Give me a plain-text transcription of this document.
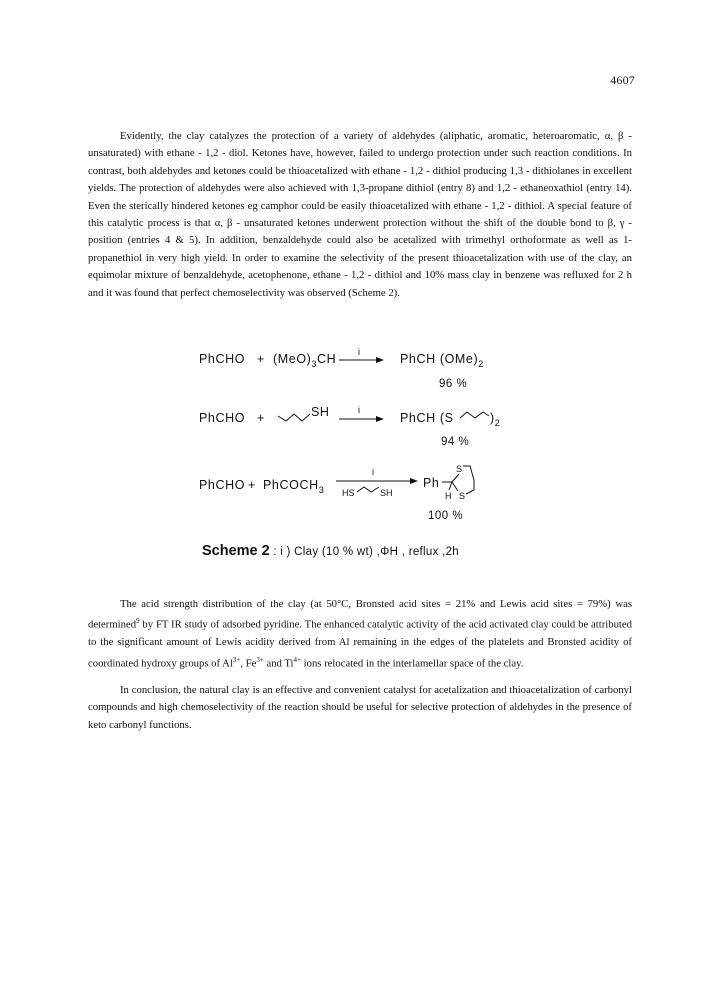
4607
Evidently, the clay catalyzes the protection of a variety of aldehydes (aliphatic, aromatic, heteroaromatic, α, β - unsaturated) with ethane - 1,2 - diol. Ketones have, however, failed to undergo protection under such reaction conditions. In contrast, both aldehydes and ketones could be thioacetalized with ethane - 1,2 - dithiol producing 1,3 - dithiolanes in excellent yields. The protection of aldehydes were also achieved with 1,3-propane dithiol (entry 8) and 1,2 - ethaneoxathiol (entry 14). Even the sterically hindered ketones eg camphor could be easily thioacetalized with ethane - 1,2 - dithiol. A special feature of this catalytic process is that α, β - unsaturated ketones underwent protection without the shift of the double bond to β, γ - position (entries 4 & 5). In addition, benzaldehyde could also be acetalized with trimethyl orthoformate as well as 1-propanethiol in very high yield. In order to examine the selectivity of the present thioacetalization with use of the clay, an equimolar mixture of benzaldehyde, acetophenone, ethane - 1,2 - dithiol and 10% mass clay in benzene was refluxed for 2 h and it was found that perfect chemoselectivity was observed (Scheme 2).
PhCHO + $(MeO)_3CH$ i	PhCH $(OMe)_2$
96 %
PhCHO +	SH	i
PhCH (S	)$_2$
94 %
PhCHO + PhCOCH$_3$
i
HS	SH
Ph
S
H S
100 %
Scheme 2 : i ) Clay (10 % wt) ,ΦH , reflux ,2h
The acid strength distribution of the clay (at 50°C, Bronsted acid sites = 21% and Lewis acid sites = 79%) was determined$^9$ by FT IR study of adsorbed pyridine. The enhanced catalytic activity of the acid activated clay could be attributed to the significant amount of Lewis acidity derived from Al remaining in the edges of the platelets and Bronsted acidity of coordinated hydroxy groups of $Al^{3+}$, $Fe^{3+}$ and $Ti^{4+}$ ions relocated in the interlamellar space of the clay.
In conclusion, the natural clay is an effective and convenient catalyst for acetalization and thioacetalization of carbonyl compounds and high chemoselectivity of the reaction should be useful for selective protection of aldehydes in the presence of keto carbonyl functions.
